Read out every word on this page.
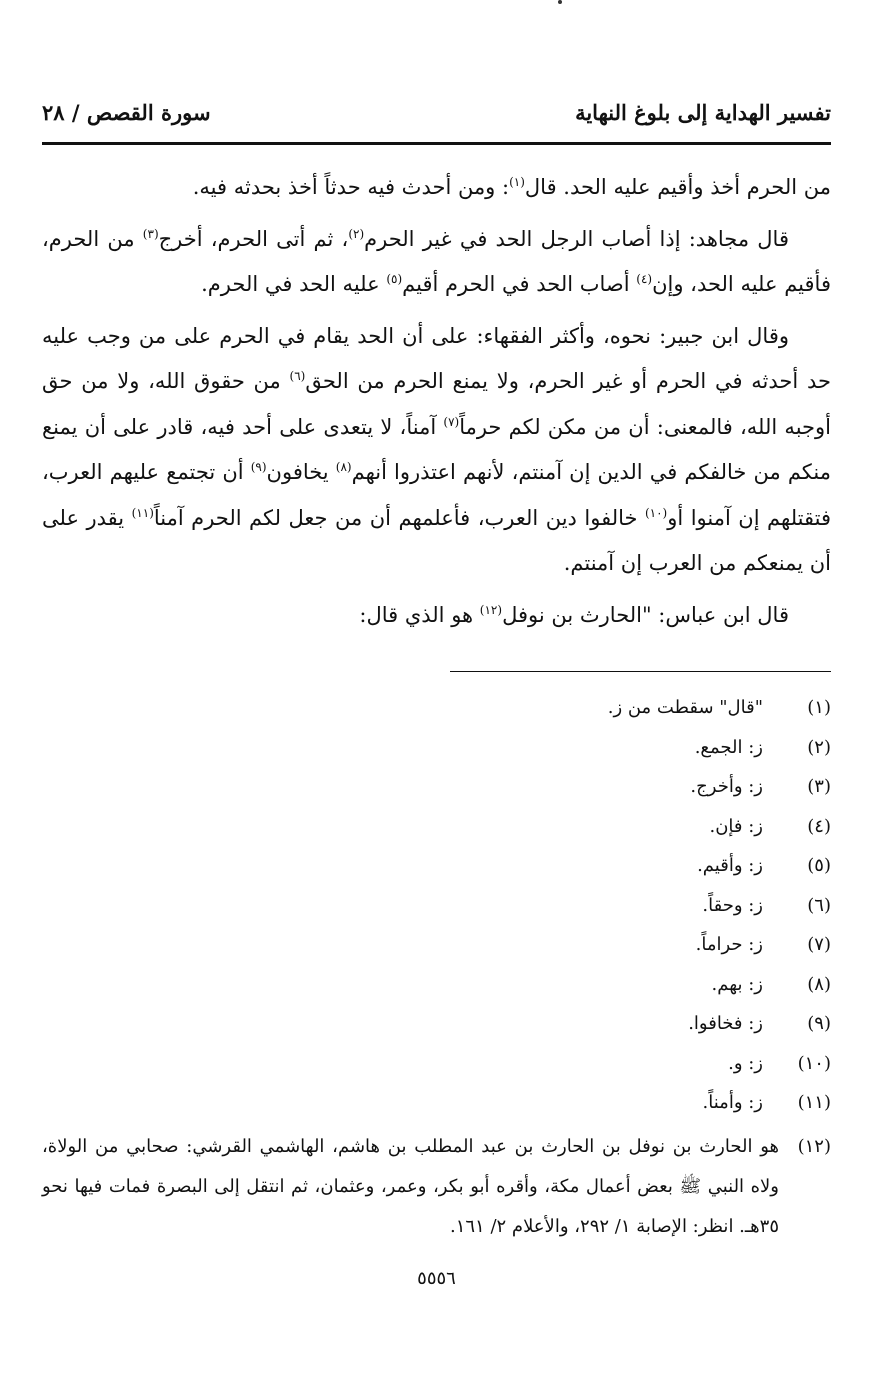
تفسير الهداية إلى بلوغ النهاية
سورة القصص / ٢٨

من الحرم أخذ وأقيم عليه الحد. قال$^{(١)}$: ومن أحدث فيه حدثاً أخذ بحدثه فيه.

قال مجاهد: إذا أصاب الرجل الحد في غير الحرم$^{(٢)}$، ثم أتى الحرم، أخرج$^{(٣)}$ من الحرم، فأقيم عليه الحد، وإن$^{(٤)}$ أصاب الحد في الحرم أقيم$^{(٥)}$ عليه الحد في الحرم.

وقال ابن جبير: نحوه، وأكثر الفقهاء: على أن الحد يقام في الحرم على من وجب عليه حد أحدثه في الحرم أو غير الحرم، ولا يمنع الحرم من الحق$^{(٦)}$ من حقوق الله، ولا من حق أوجبه الله، فالمعنى: أن من مكن لكم حرماً$^{(٧)}$ آمناً، لا يتعدى على أحد فيه، قادر على أن يمنع منكم من خالفكم في الدين إن آمنتم، لأنهم اعتذروا أنهم$^{(٨)}$ يخافون$^{(٩)}$ أن تجتمع عليهم العرب، فتقتلهم إن آمنوا أو$^{(١٠)}$ خالفوا دين العرب، فأعلمهم أن من جعل لكم الحرم آمناً$^{(١١)}$ يقدر على أن يمنعكم من العرب إن آمنتم.

قال ابن عباس: "الحارث بن نوفل$^{(١٢)}$ هو الذي قال:

(١)
"قال" سقطت من ز.
(٢)
ز: الجمع.
(٣)
ز: وأخرج.
(٤)
ز: فإن.
(٥)
ز: وأقيم.
(٦)
ز: وحقاً.
(٧)
ز: حراماً.
(٨)
ز: بهم.
(٩)
ز: فخافوا.
(١٠)
ز: و.
(١١)
ز: وأمناً.
(١٢)
هو الحارث بن نوفل بن الحارث بن عبد المطلب بن هاشم، الهاشمي القرشي: صحابي من الولاة، ولاه النبي ﷺ بعض أعمال مكة، وأقره أبو بكر، وعمر، وعثمان، ثم انتقل إلى البصرة فمات فيها نحو ٣٥هـ. انظر: الإصابة ١/ ٢٩٢، والأعلام ٢/ ١٦١.
٥٥٥٦
